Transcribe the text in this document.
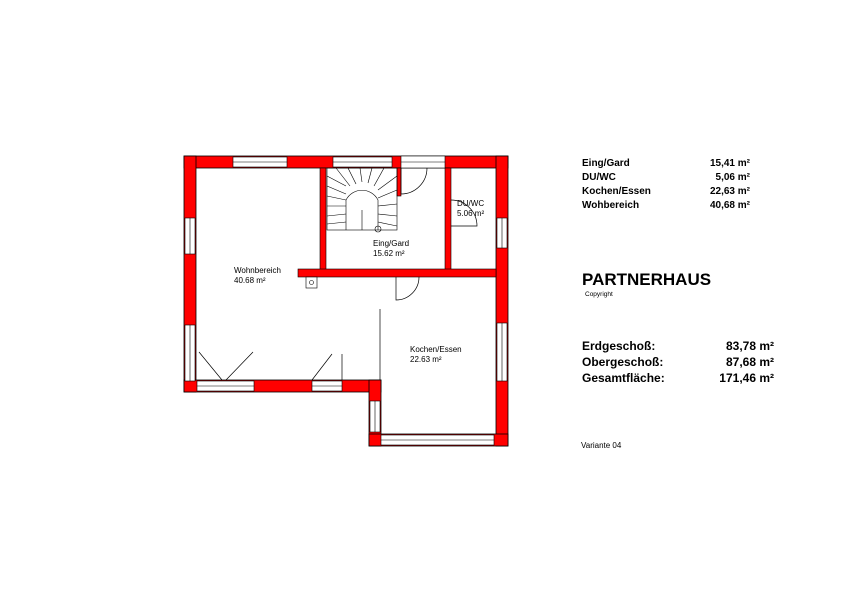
Wohnbereich
40.68 m²
Eing/Gard
15.62 m²
DU/WC
5.06 m²
Kochen/Essen
22.63 m²
Eing/Gard	15,41 m²
DU/WC	5,06 m²
Kochen/Essen	22,63 m²
Wohbereich	40,68 m²
PARTNERHAUS
Copyright
Erdgeschoß:	83,78 m²
Obergeschoß:	87,68 m²
Gesamtfläche:	171,46 m²
Variante 04
